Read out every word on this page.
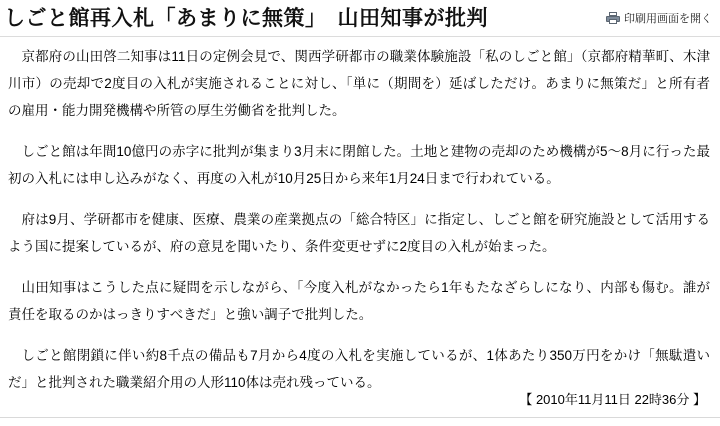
しごと館再入札「あまりに無策」　山田知事が批判	印刷用画面を開く

京都府の山田啓二知事は11日の定例会見で、関西学研都市の職業体験施設「私のしごと館」（京都府精華町、木津川市）の売却で2度目の入札が実施されることに対し、「単に（期間を）延ばしただけ。あまりに無策だ」と所有者の雇用・能力開発機構や所管の厚生労働省を批判した。

しごと館は年間10億円の赤字に批判が集まり3月末に閉館した。土地と建物の売却のため機構が5〜8月に行った最初の入札には申し込みがなく、再度の入札が10月25日から来年1月24日まで行われている。

府は9月、学研都市を健康、医療、農業の産業拠点の「総合特区」に指定し、しごと館を研究施設として活用するよう国に提案しているが、府の意見を聞いたり、条件変更せずに2度目の入札が始まった。

山田知事はこうした点に疑問を示しながら、「今度入札がなかったら1年もたなざらしになり、内部も傷む。誰が責任を取るのかはっきりすべきだ」と強い調子で批判した。

しごと館閉鎖に伴い約8千点の備品も7月から4度の入札を実施しているが、1体あたり350万円をかけ「無駄遣いだ」と批判された職業紹介用の人形110体は売れ残っている。

【 2010年11月11日 22時36分 】
